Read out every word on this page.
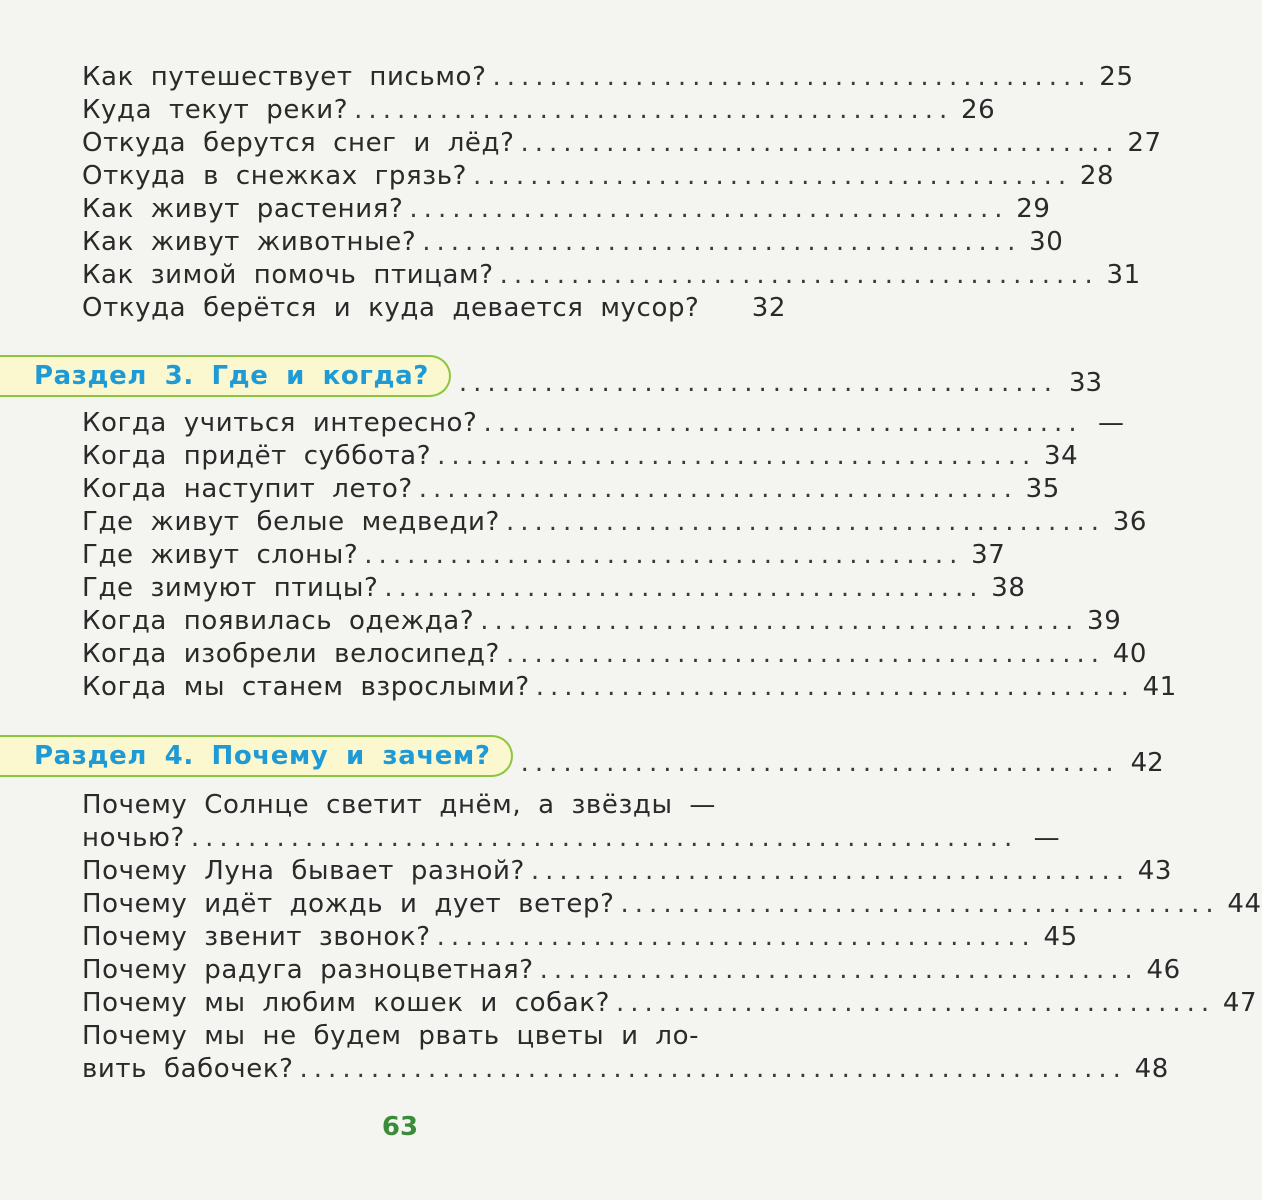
Как путешествует письмо? .......................................... 25
Куда текут реки? .......................................... 26
Откуда берутся снег и лёд? .......................................... 27
Откуда в снежках грязь? .......................................... 28
Как живут растения? .......................................... 29
Как живут животные? .......................................... 30
Как зимой помочь птицам? .......................................... 31
Откуда берётся и куда девается мусор? 32
Раздел 3. Где и когда?	.......................................... 33
Когда учиться интересно? .......................................... —
Когда придёт суббота? .......................................... 34
Когда наступит лето? .......................................... 35
Где живут белые медведи? .......................................... 36
Где живут слоны? .......................................... 37
Где зимуют птицы? .......................................... 38
Когда появилась одежда? .......................................... 39
Когда изобрели велосипед? .......................................... 40
Когда мы станем взрослыми? .......................................... 41
Раздел 4. Почему и зачем?	.......................................... 42
Почему Солнце светит днём, а звёзды —
ночью? .......................................................... —
Почему Луна бывает разной? .......................................... 43
Почему идёт дождь и дует ветер? .......................................... 44
Почему звенит звонок? .......................................... 45
Почему радуга разноцветная? .......................................... 46
Почему мы любим кошек и собак? .......................................... 47
Почему мы не будем рвать цветы и ло-
вить бабочек? .......................................................... 48
63
